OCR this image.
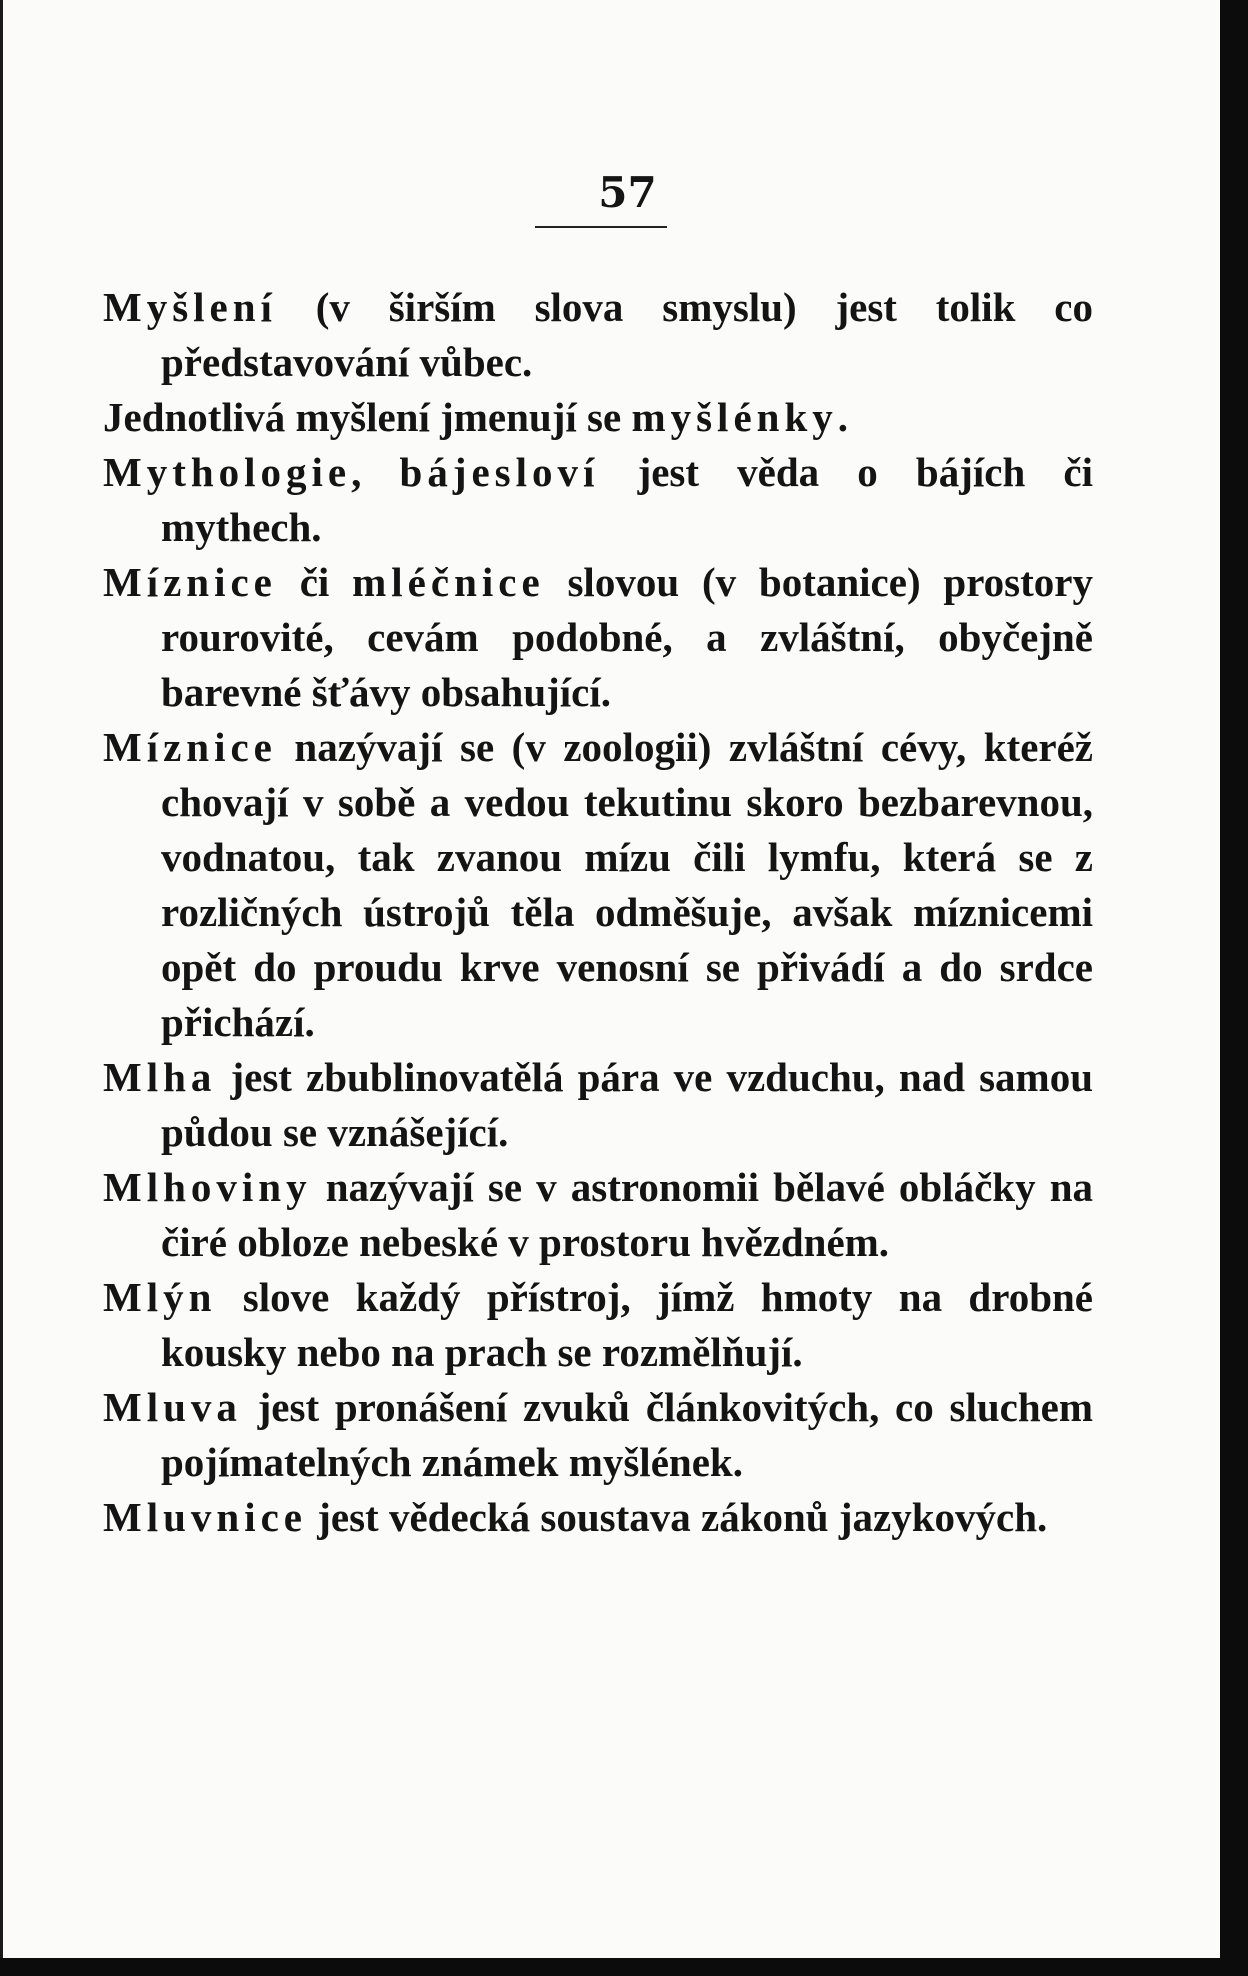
57

Myšlení (v širším slova smyslu) jest tolik co představování vůbec.

Jednotlivá myšlení jmenují se myšlénky.

Mythologie, bájesloví jest věda o bájích či mythech.

Míznice či mléčnice slovou (v botanice) prostory rourovité, cevám podobné, a zvláštní, obyčejně barevné šťávy obsahující.

Míznice nazývají se (v zoologii) zvláštní cévy, kteréž chovají v sobě a vedou tekutinu skoro bezbarevnou, vodnatou, tak zvanou mízu čili lymfu, která se z rozličných ústrojů těla odměšuje, avšak míznicemi opět do proudu krve venosní se přivádí a do srdce přichází.

Mlha jest zbublinovatělá pára ve vzduchu, nad samou půdou se vznášející.

Mlhoviny nazývají se v astronomii bělavé obláčky na čiré obloze nebeské v prostoru hvězdném.

Mlýn slove každý přístroj, jímž hmoty na drobné kousky nebo na prach se rozmělňují.

Mluva jest pronášení zvuků článkovitých, co sluchem pojímatelných známek myšlének.

Mluvnice jest vědecká soustava zákonů jazykových.
